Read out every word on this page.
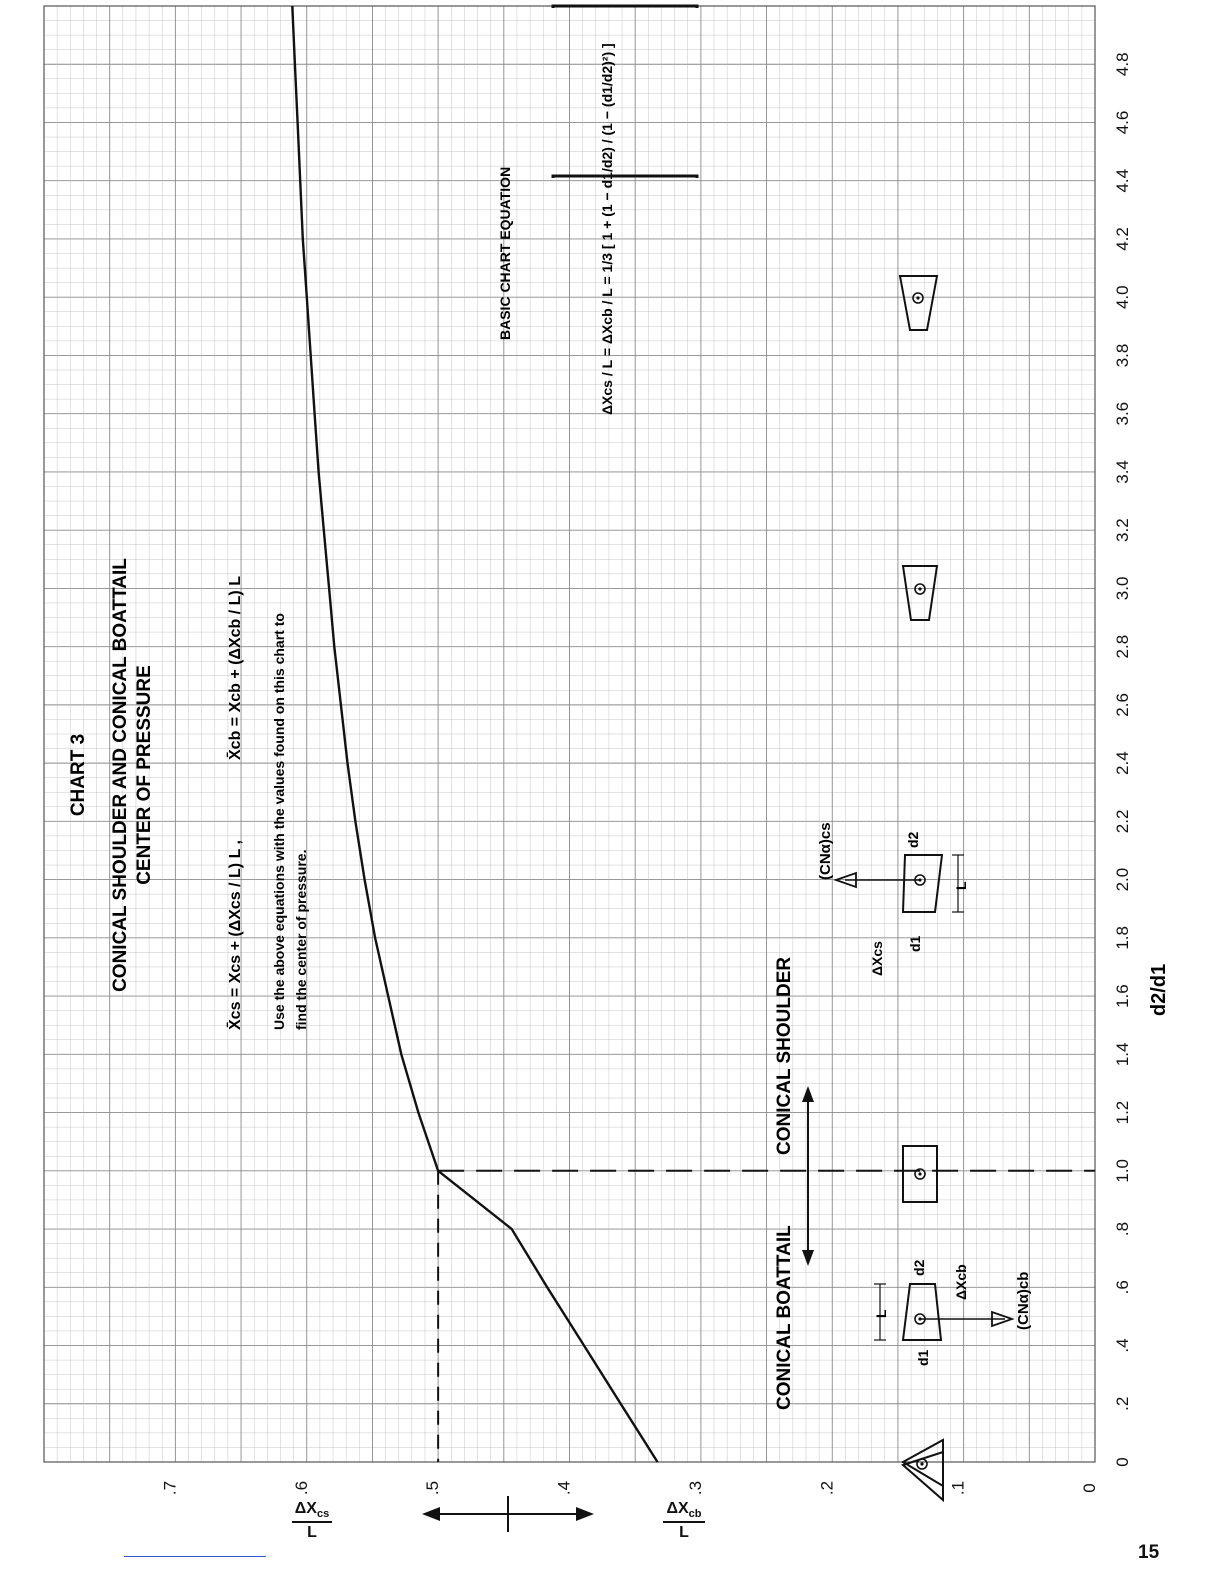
0
.2
.4
.6
.8
1.0
1.2
1.4
1.6
1.8
2.0
2.2
2.4
2.6
2.8
3.0
3.2
3.4
3.6
3.8
4.0
4.2
4.4
4.6
4.8
0
.1
.2
.3
.4
.5
.6
.7
CHART 3 CONICAL SHOULDER AND CONICAL BOATTAIL CENTER OF PRESSURE
X̄cs = Xcs + (ΔXcs / L) L ,
X̄cb = Xcb + (ΔXcb / L) L Use the above equations with the values found on this chart to find the center of pressure.
BASIC CHART EQUATION	ΔXcs / L = ΔXcb / L = 1/3 [ 1 + (1 − d1/d2) / (1 − (d1/d2)²) ]
CONICAL BOATTAIL
CONICAL SHOULDER
(CNα)cb
ΔXcb
L
d1
d2
(CNα)cs
ΔXcs
L
d1
d2
d2/d1
$\Delta X_{cs}$
L
$\Delta X_{cb}$
L
15
